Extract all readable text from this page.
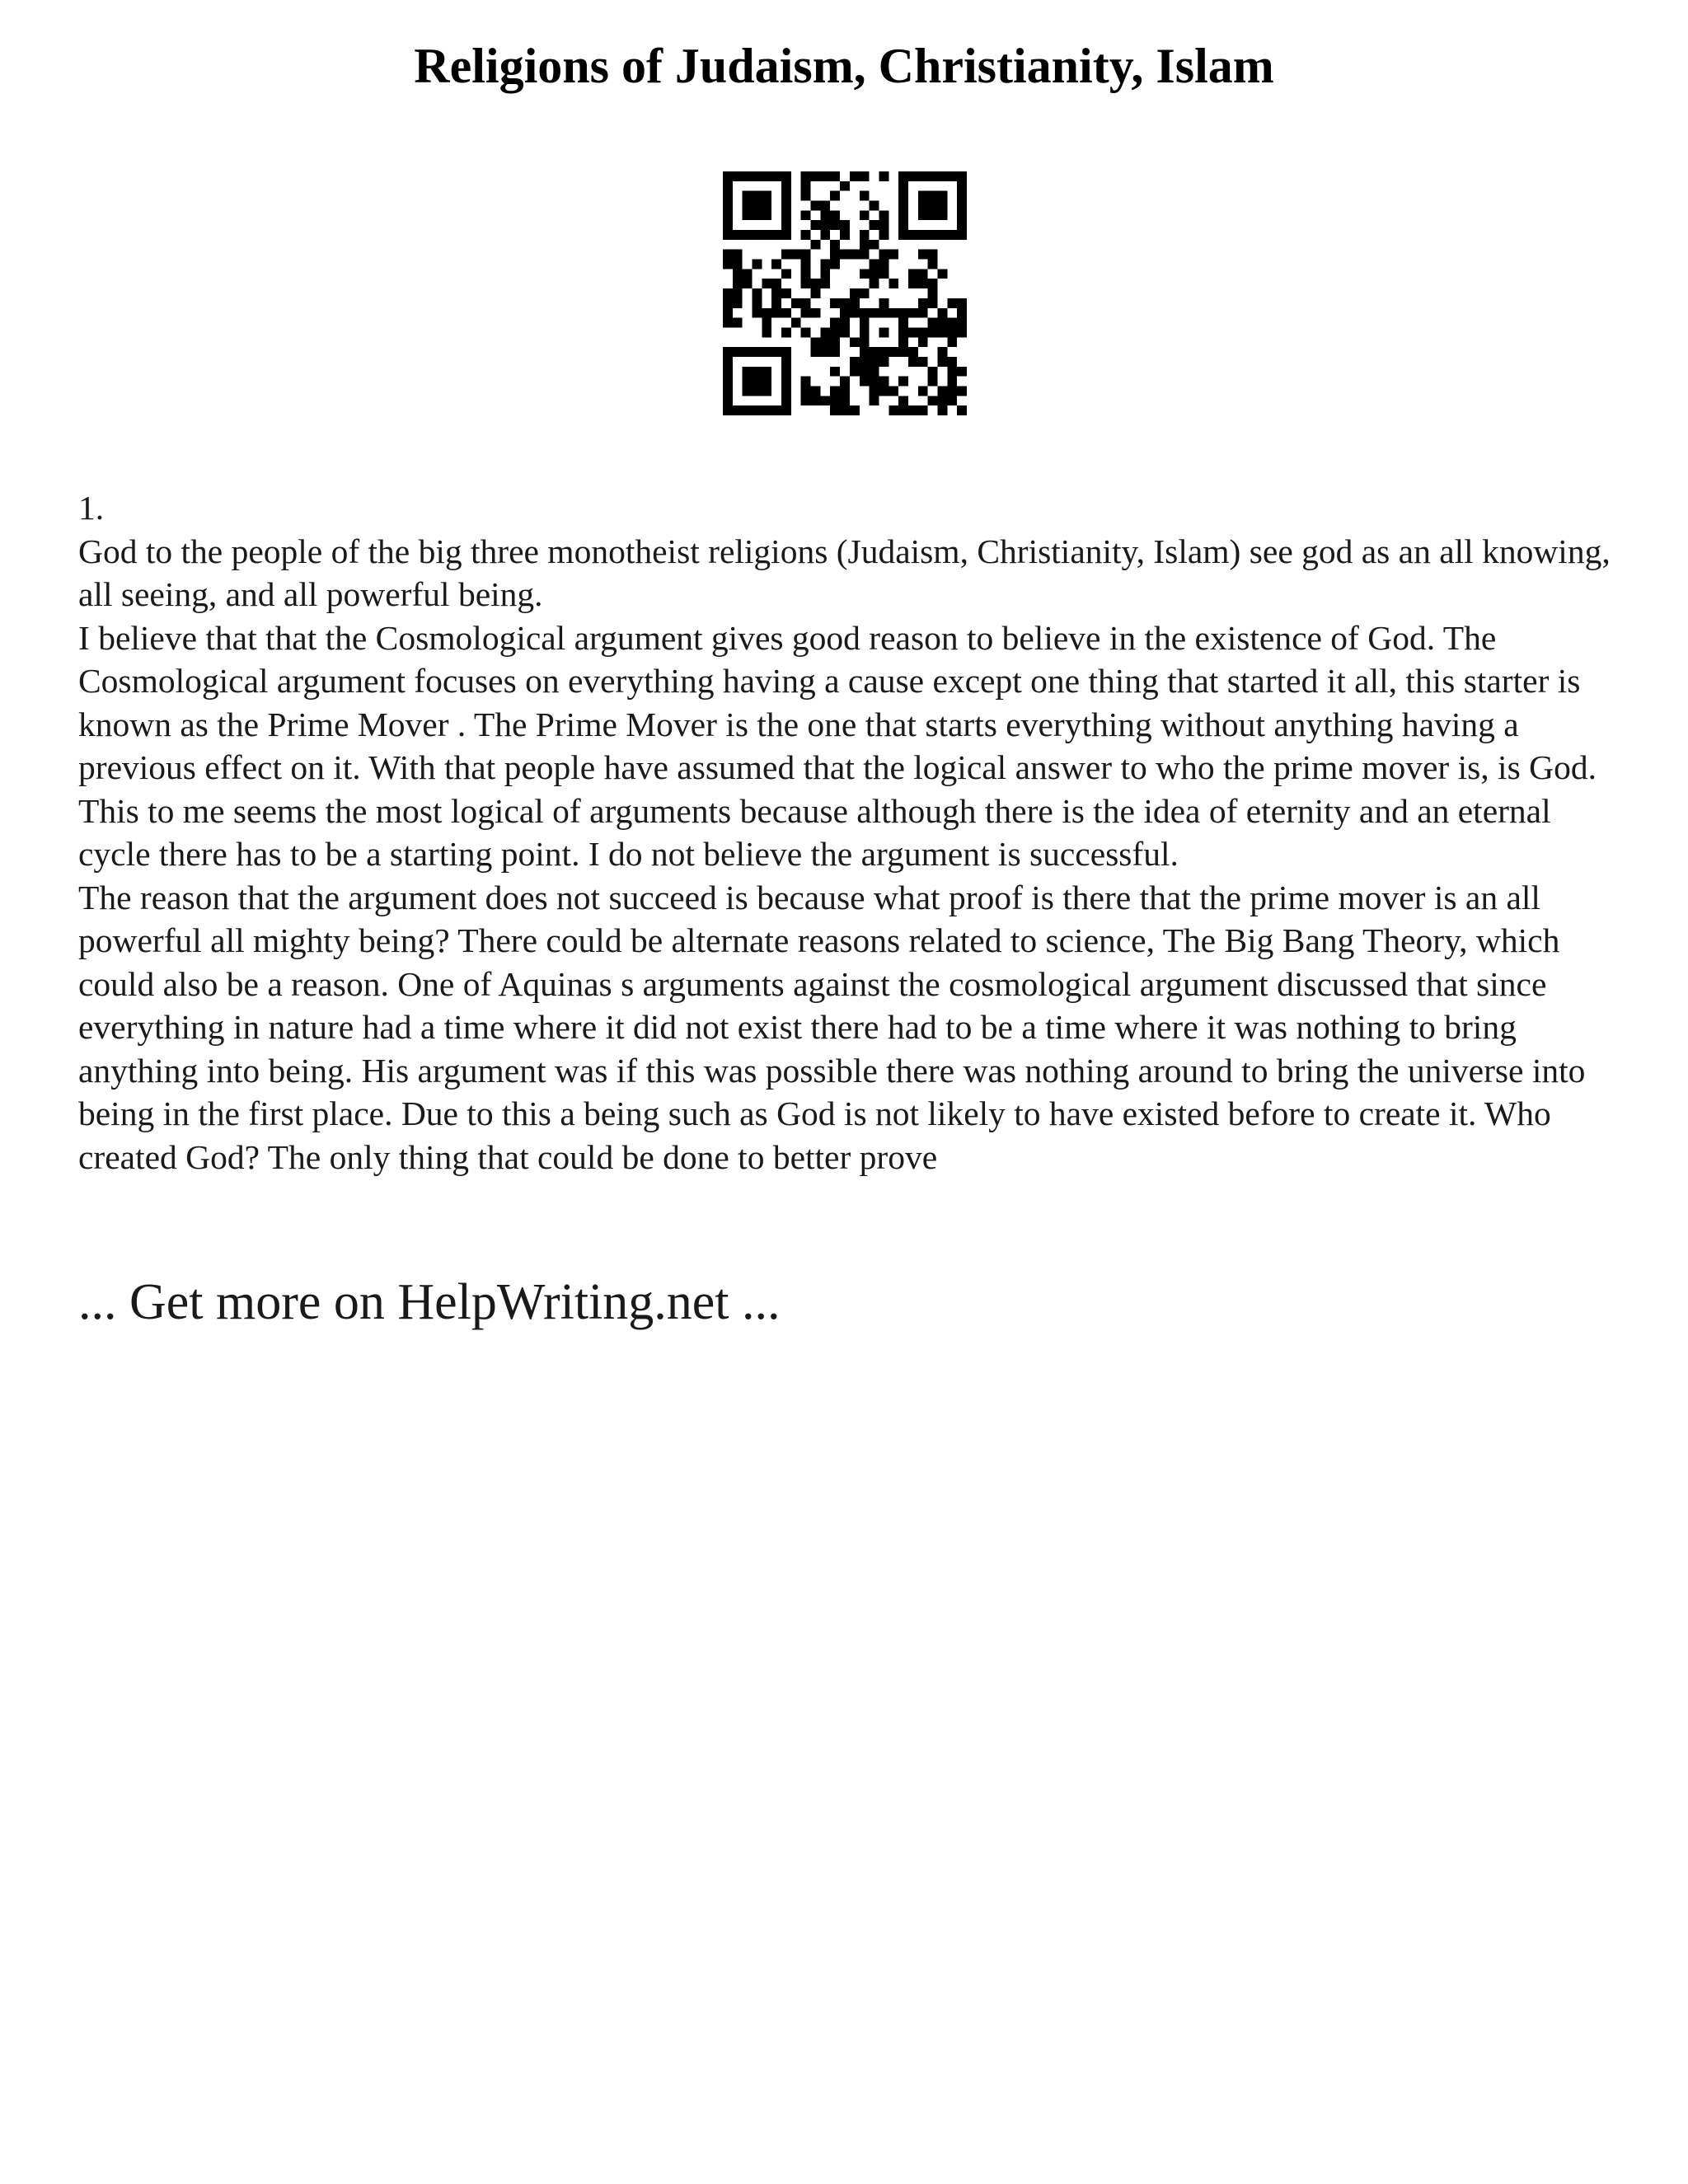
Religions of Judaism, Christianity, Islam

1.

God to the people of the big three monotheist religions (Judaism, Christianity, Islam) see god as an all knowing, all seeing, and all powerful being.

I believe that that the Cosmological argument gives good reason to believe in the existence of God. The Cosmological argument focuses on everything having a cause except one thing that started it all, this starter is known as the Prime Mover . The Prime Mover is the one that starts everything without anything having a previous effect on it. With that people have assumed that the logical answer to who the prime mover is, is God. This to me seems the most logical of arguments because although there is the idea of eternity and an eternal cycle there has to be a starting point. I do not believe the argument is successful.

The reason that the argument does not succeed is because what proof is there that the prime mover is an all powerful all mighty being? There could be alternate reasons related to science, The Big Bang Theory, which could also be a reason. One of Aquinas s arguments against the cosmological argument discussed that since everything in nature had a time where it did not exist there had to be a time where it was nothing to bring anything into being. His argument was if this was possible there was nothing around to bring the universe into being in the first place. Due to this a being such as God is not likely to have existed before to create it. Who created God? The only thing that could be done to better prove

... Get more on HelpWriting.net ...
